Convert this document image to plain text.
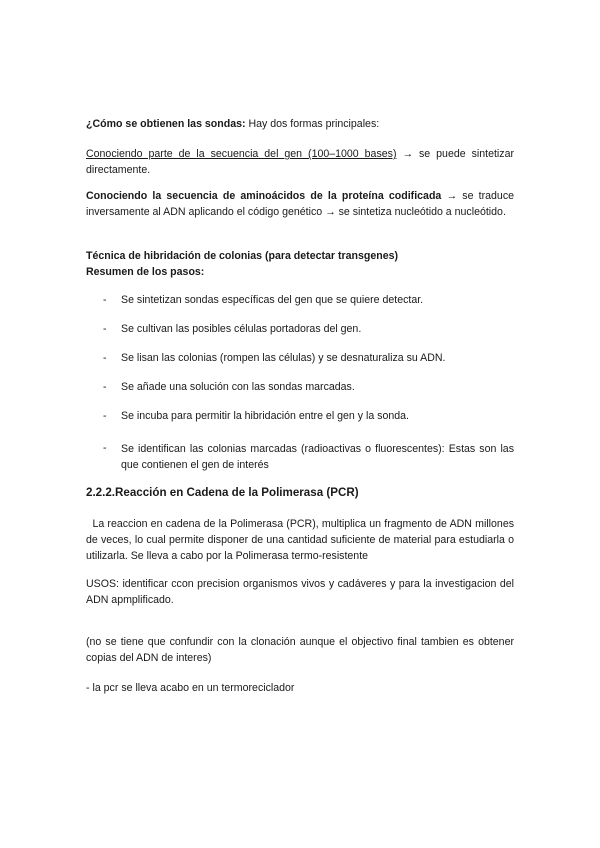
¿Cómo se obtienen las sondas: Hay dos formas principales:
Conociendo parte de la secuencia del gen (100–1000 bases) → se puede sintetizar directamente.
Conociendo la secuencia de aminoácidos de la proteína codificada → se traduce inversamente al ADN aplicando el código genético → se sintetiza nucleótido a nucleótido.
Técnica de hibridación de colonias (para detectar transgenes)
Resumen de los pasos:
- Se sintetizan sondas específicas del gen que se quiere detectar.
- Se cultivan las posibles células portadoras del gen.
- Se lisan las colonias (rompen las células) y se desnaturaliza su ADN.
- Se añade una solución con las sondas marcadas.
- Se incuba para permitir la hibridación entre el gen y la sonda.
- Se identifican las colonias marcadas (radioactivas o fluorescentes): Estas son las que contienen el gen de interés
2.2.2.Reacción en Cadena de la Polimerasa (PCR)
La reaccion en cadena de la Polimerasa (PCR), multiplica un fragmento de ADN millones de veces, lo cual permite disponer de una cantidad suficiente de material para estudiarla o utilizarla. Se lleva a cabo por la Polimerasa termo-resistente
USOS: identificar ccon precision organismos vivos y cadáveres y para la investigacion del ADN apmplificado.
(no se tiene que confundir con la clonación aunque el objectivo final tambien es obtener copias del ADN de interes)
- la pcr se lleva acabo en un termoreciclador
